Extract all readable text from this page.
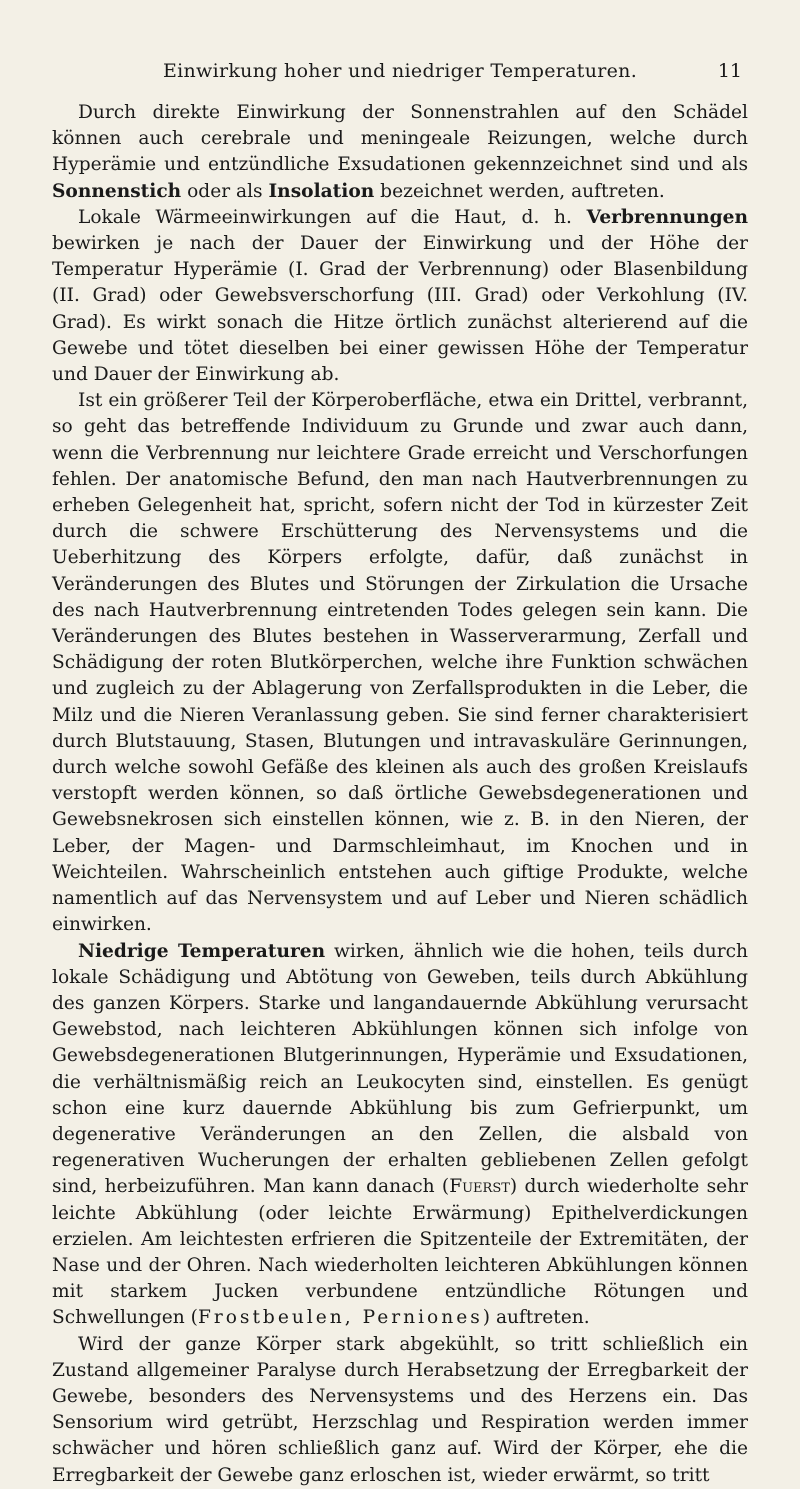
Einwirkung hoher und niedriger Temperaturen.	11

Durch direkte Einwirkung der Sonnenstrahlen auf den Schädel können auch cerebrale und meningeale Reizungen, welche durch Hyperämie und entzündliche Exsudationen gekennzeichnet sind und als Sonnenstich oder als Insolation bezeichnet werden, auftreten.

Lokale Wärmeeinwirkungen auf die Haut, d. h. Verbrennungen bewirken je nach der Dauer der Einwirkung und der Höhe der Temperatur Hyperämie (I. Grad der Verbrennung) oder Blasenbildung (II. Grad) oder Gewebsverschorfung (III. Grad) oder Verkohlung (IV. Grad). Es wirkt sonach die Hitze örtlich zunächst alterierend auf die Gewebe und tötet dieselben bei einer gewissen Höhe der Temperatur und Dauer der Einwirkung ab.

Ist ein größerer Teil der Körperoberfläche, etwa ein Drittel, verbrannt, so geht das betreffende Individuum zu Grunde und zwar auch dann, wenn die Verbrennung nur leichtere Grade erreicht und Verschorfungen fehlen. Der anatomische Befund, den man nach Hautverbrennungen zu erheben Gelegenheit hat, spricht, sofern nicht der Tod in kürzester Zeit durch die schwere Erschütterung des Nervensystems und die Ueberhitzung des Körpers erfolgte, dafür, daß zunächst in Veränderungen des Blutes und Störungen der Zirkulation die Ursache des nach Hautverbrennung eintretenden Todes gelegen sein kann. Die Veränderungen des Blutes bestehen in Wasserverarmung, Zerfall und Schädigung der roten Blutkörperchen, welche ihre Funktion schwächen und zugleich zu der Ablagerung von Zerfallsprodukten in die Leber, die Milz und die Nieren Veranlassung geben. Sie sind ferner charakterisiert durch Blutstauung, Stasen, Blutungen und intravaskuläre Gerinnungen, durch welche sowohl Gefäße des kleinen als auch des großen Kreislaufs verstopft werden können, so daß örtliche Gewebsdegenerationen und Gewebsnekrosen sich einstellen können, wie z. B. in den Nieren, der Leber, der Magen- und Darmschleimhaut, im Knochen und in Weichteilen. Wahrscheinlich entstehen auch giftige Produkte, welche namentlich auf das Nervensystem und auf Leber und Nieren schädlich einwirken.

Niedrige Temperaturen wirken, ähnlich wie die hohen, teils durch lokale Schädigung und Abtötung von Geweben, teils durch Abkühlung des ganzen Körpers. Starke und langandauernde Abkühlung verursacht Gewebstod, nach leichteren Abkühlungen können sich infolge von Gewebsdegenerationen Blutgerinnungen, Hyperämie und Exsudationen, die verhältnismäßig reich an Leukocyten sind, einstellen. Es genügt schon eine kurz dauernde Abkühlung bis zum Gefrierpunkt, um degenerative Veränderungen an den Zellen, die alsbald von regenerativen Wucherungen der erhalten gebliebenen Zellen gefolgt sind, herbeizuführen. Man kann danach (Fuerst) durch wiederholte sehr leichte Abkühlung (oder leichte Erwärmung) Epithelverdickungen erzielen. Am leichtesten erfrieren die Spitzenteile der Extremitäten, der Nase und der Ohren. Nach wiederholten leichteren Abkühlungen können mit starkem Jucken verbundene entzündliche Rötungen und Schwellungen (Frostbeulen, Perniones) auftreten.

Wird der ganze Körper stark abgekühlt, so tritt schließlich ein Zustand allgemeiner Paralyse durch Herabsetzung der Erregbarkeit der Gewebe, besonders des Nervensystems und des Herzens ein. Das Sensorium wird getrübt, Herzschlag und Respiration werden immer schwächer und hören schließlich ganz auf. Wird der Körper, ehe die Erregbarkeit der Gewebe ganz erloschen ist, wieder erwärmt, so tritt
